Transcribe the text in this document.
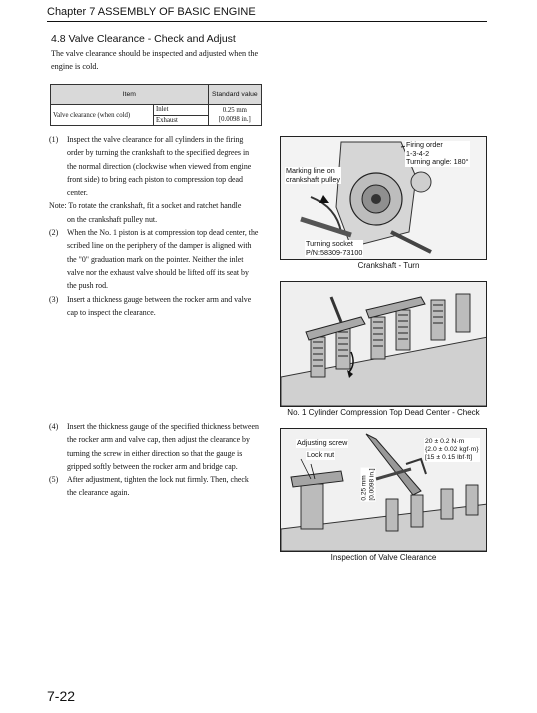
Chapter 7 ASSEMBLY OF BASIC ENGINE
4.8 Valve Clearance - Check and Adjust
The valve clearance should be inspected and adjusted when the engine is cold.
Item		Standard value
Valve clearance (when cold)	Inlet	0.25 mm
[0.0098 in.]

	Exhaust	

(1) Inspect the valve clearance for all cylinders in the firing order by turning the crankshaft to the specified degrees in the normal direction (clockwise when viewed from engine front side) to bring each piston to compression top dead center.

Note: To rotate the crankshaft, fit a socket and ratchet handle
on the crankshaft pulley nut.

(2) When the No. 1 piston is at compression top dead center, the scribed line on the periphery of the damper is aligned with the "0" graduation mark on the pointer. Neither the inlet valve nor the exhaust valve should be lifted off its seat by the push rod.

(3) Insert a thickness gauge between the rocker arm and valve cap to inspect the clearance.

(4) Insert the thickness gauge of the specified thickness between the rocker arm and valve cap, then adjust the clearance by turning the screw in either direction so that the gauge is gripped softly between the rocker arm and bridge cap.

(5) After adjustment, tighten the lock nut firmly. Then, check the clearance again.

Firing order
1-3-4-2
Turning angle: 180°
Marking line on
crankshaft pulley
Turning socket
P/N:58309-73100
Crankshaft - Turn
No. 1 Cylinder Compression Top Dead Center - Check
Adjusting screw
Lock nut
20 ± 0.2 N·m
{2.0 ± 0.02 kgf·m}
[15 ± 0.15 lbf·ft]
0.25 mm
[0.0098 in.]
Inspection of Valve Clearance
7-22
